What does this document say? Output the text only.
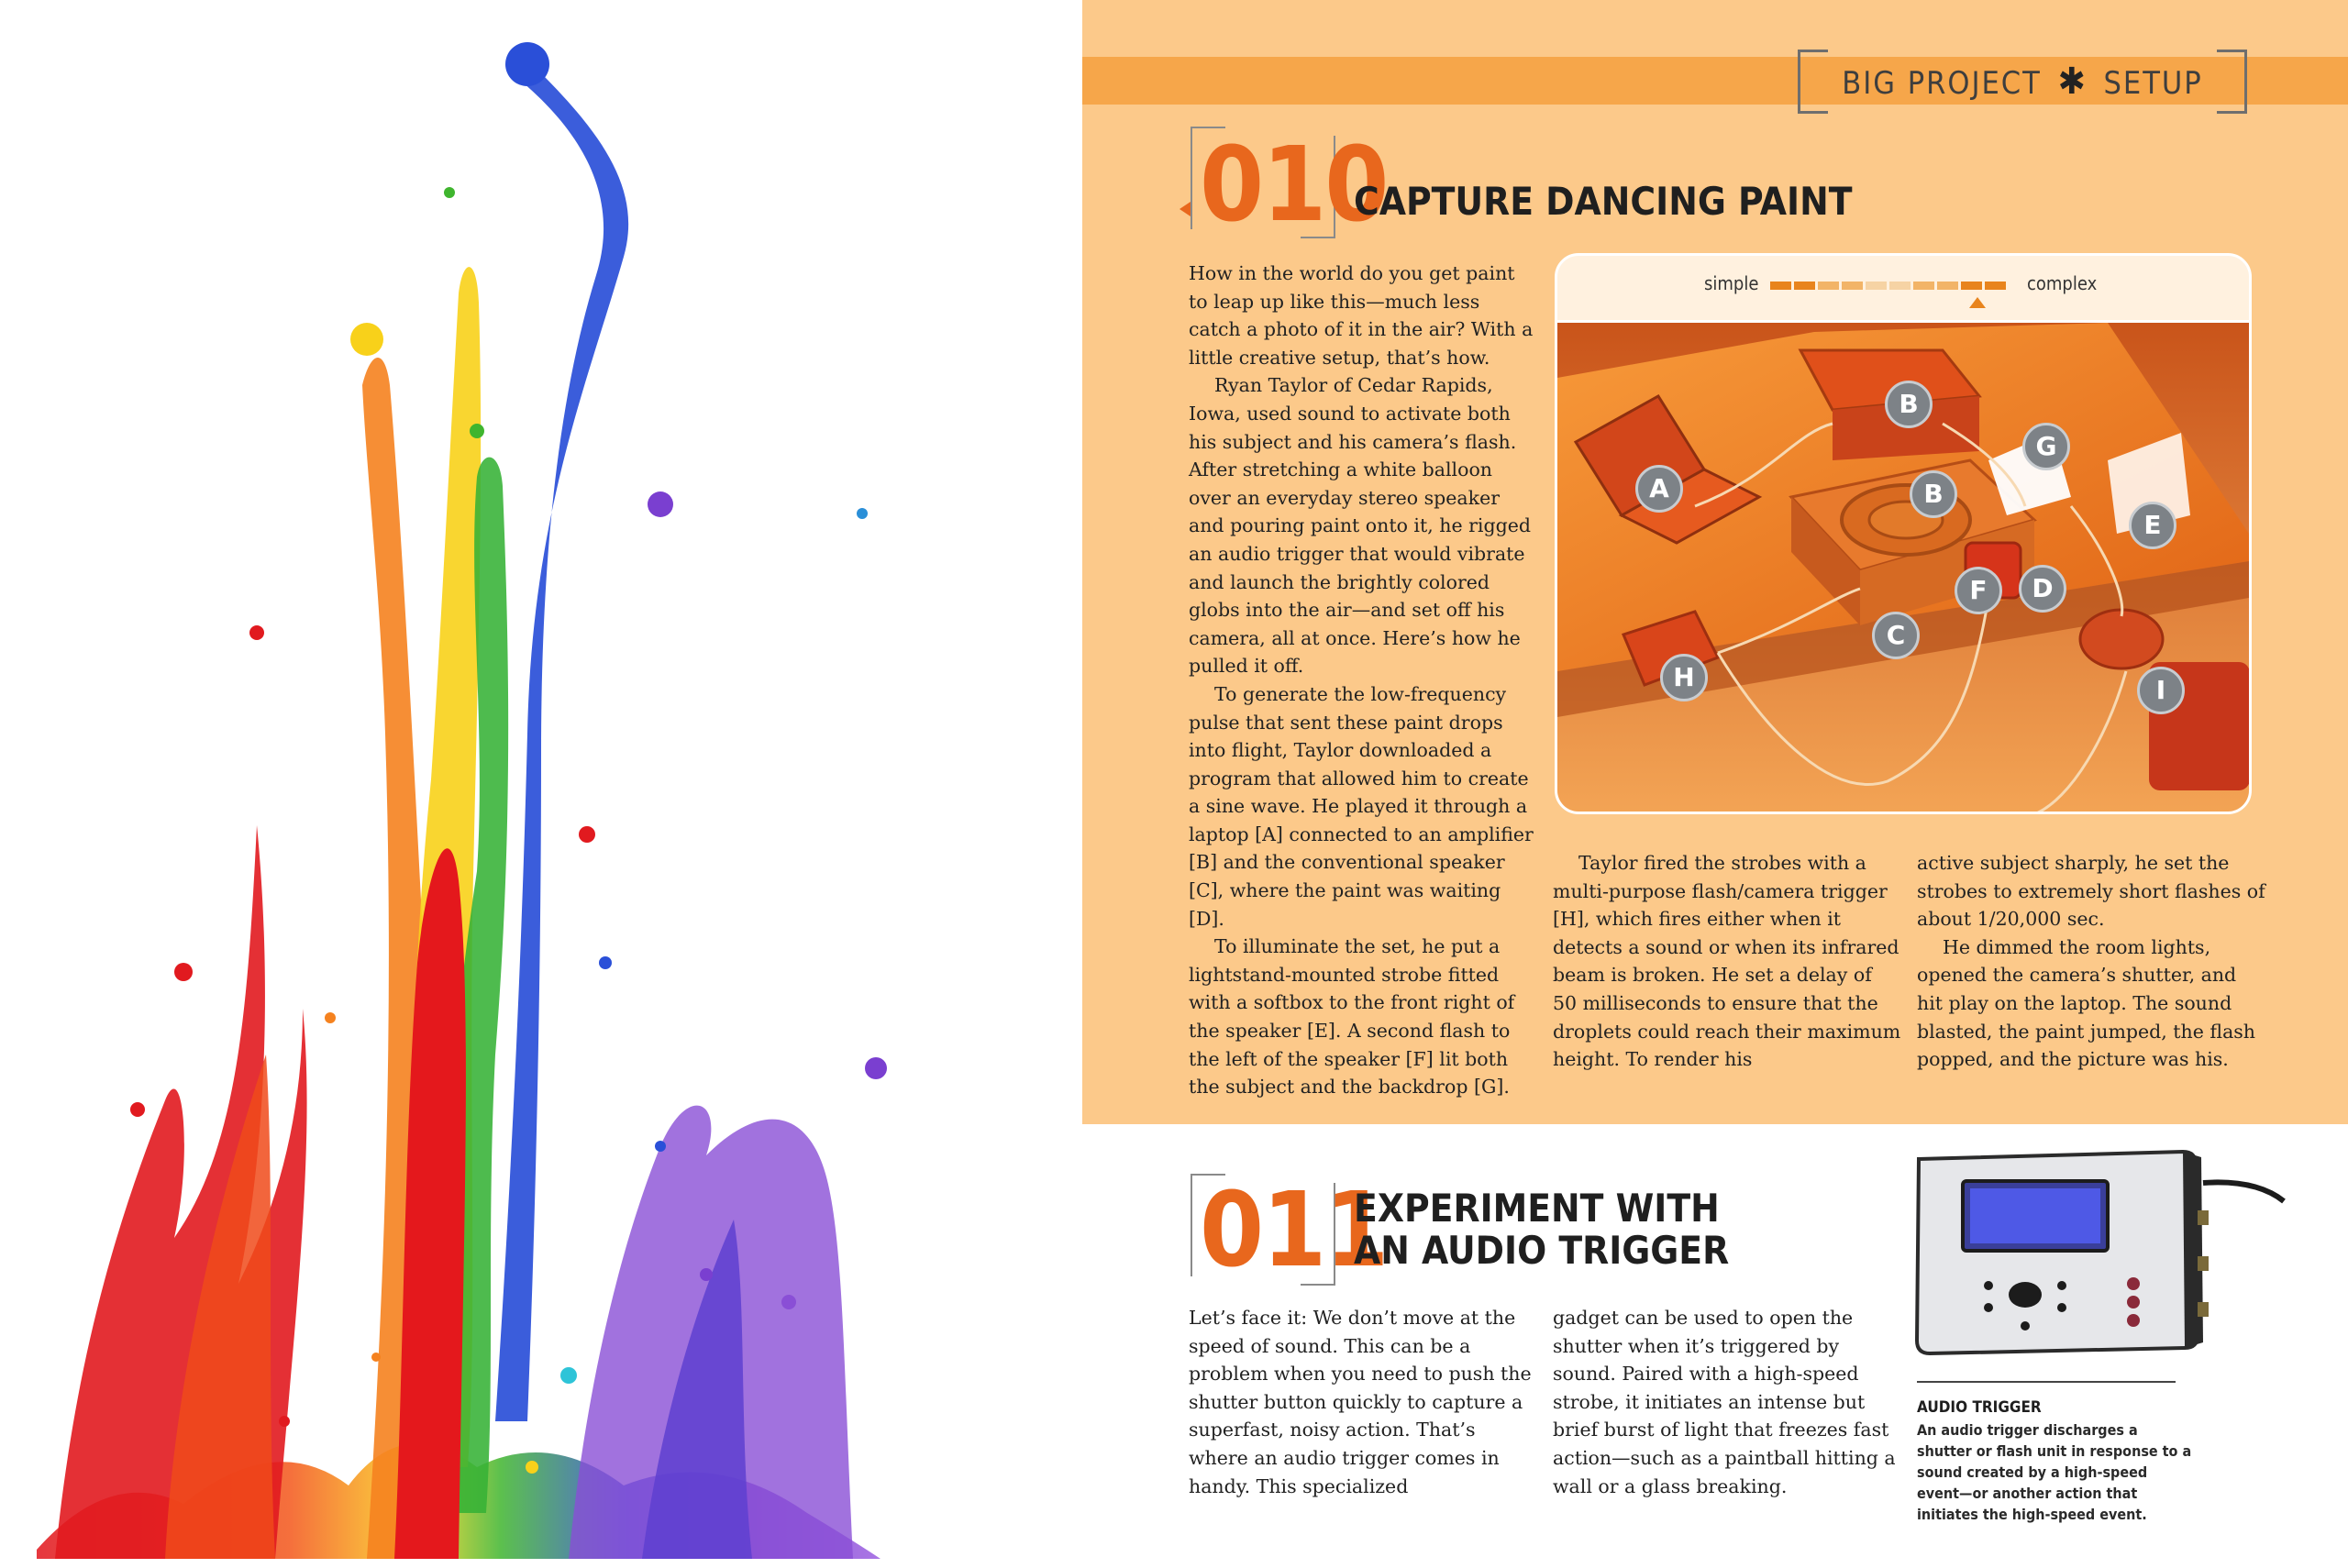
BIG PROJECT ✱ SETUP
010
CAPTURE DANCING PAINT

How in the world do you get paint to leap up like this—much less catch a photo of it in the air? With a little creative setup, that’s how.

Ryan Taylor of Cedar Rapids, Iowa, used sound to activate both his subject and his camera’s flash. After stretching a white balloon over an everyday stereo speaker and pouring paint onto it, he rigged an audio trigger that would vibrate and launch the brightly colored globs into the air—and set off his camera, all at once. Here’s how he pulled it off.

To generate the low-frequency pulse that sent these paint drops into flight, Taylor downloaded a program that allowed him to create a sine wave. He played it through a laptop [A] connected to an amplifier [B] and the conventional speaker [C], where the paint was waiting [D].

To illuminate the set, he put a lightstand-mounted strobe fitted with a softbox to the front right of the speaker [E]. A second flash to the left of the speaker [F] lit both the subject and the backdrop [G].

simple	complex
A
B
B
G
E
F	D
C
H	I

Taylor fired the strobes with a multi-purpose flash/camera trigger [H], which fires either when it detects a sound or when its infrared beam is broken. He set a delay of 50 milliseconds to ensure that the droplets could reach their maximum height. To render his

active subject sharply, he set the strobes to extremely short flashes of about 1/20,000 sec.

He dimmed the room lights, opened the camera’s shutter, and hit play on the laptop. The sound blasted, the paint jumped, the flash popped, and the picture was his.

011
EXPERIMENT WITH
AN AUDIO TRIGGER

Let’s face it: We don’t move at the speed of sound. This can be a problem when you need to push the shutter button quickly to capture a superfast, noisy action. That’s where an audio trigger comes in handy. This specialized

gadget can be used to open the shutter when it’s triggered by sound. Paired with a high-speed strobe, it initiates an intense but brief burst of light that freezes fast action—such as a paintball hitting a wall or a glass breaking.

AUDIO TRIGGER
An audio trigger discharges a shutter or flash unit in response to a sound created by a high-speed event—or another action that initiates the high-speed event.
